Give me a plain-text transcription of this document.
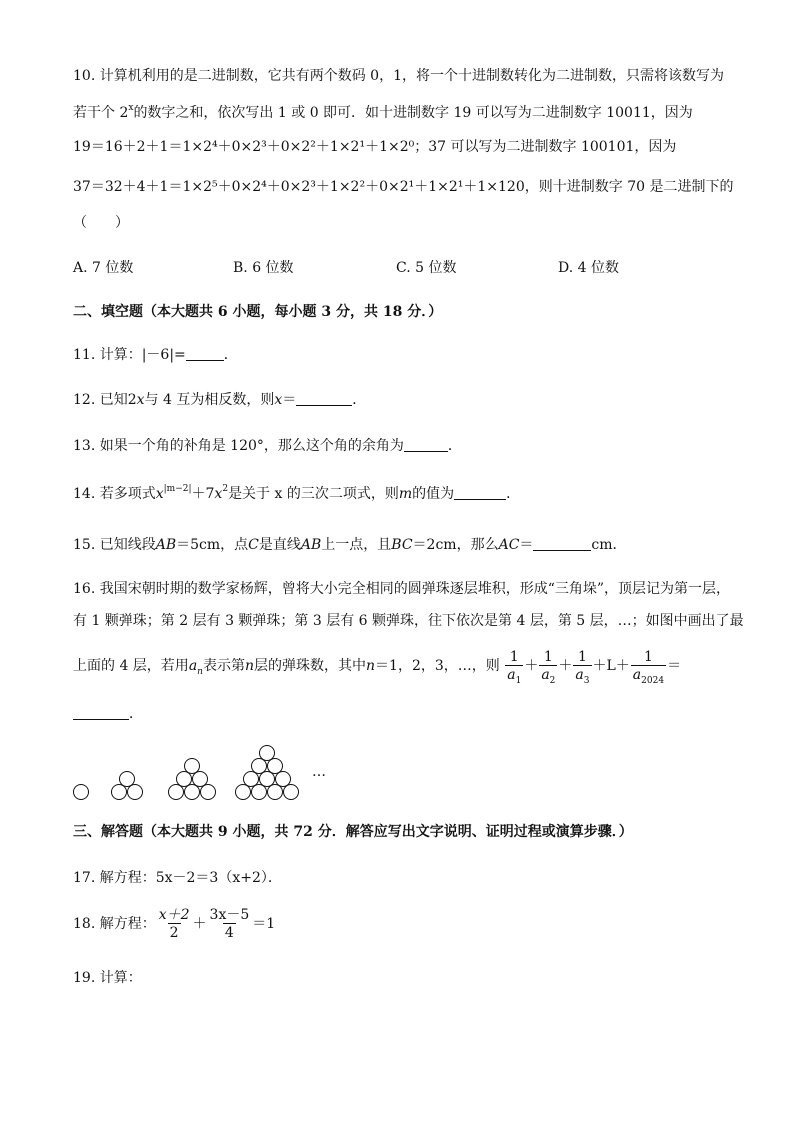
10. 计算机利用的是二进制数，它共有两个数码 0，1，将一个十进制数转化为二进制数，只需将该数写为
若干个 2$^x$的数字之和，依次写出 1 或 0 即可．如十进制数字 19 可以写为二进制数字 10011，因为
19＝16＋2＋1＝1×2⁴＋0×2³＋0×2²＋1×2¹＋1×2⁰；37 可以写为二进制数字 100101，因为
37＝32＋4＋1＝1×2⁵＋0×2⁴＋0×2³＋1×2²＋0×2¹＋1×2¹＋1×120，则十进制数字 70 是二进制下的
（　　）
A. 7 位数	B. 6 位数	C. 5 位数	D. 4 位数
二、填空题（本大题共 6 小题，每小题 3 分，共 18 分．）
11. 计算：|－6|=	．
12. 已知2x与 4 互为相反数，则x＝	．
13. 如果一个角的补角是 120°，那么这个角的余角为	．
14. 若多项式$x^{|m-2|}+7x^2$是关于 x 的三次二项式，则m的值为	．
15. 已知线段AB＝5cm，点C是直线AB上一点，且BC＝2cm，那么AC＝	cm．
16. 我国宋朝时期的数学家杨辉，曾将大小完全相同的圆弹珠逐层堆积，形成“三角垛”，顶层记为第一层，
有 1 颗弹珠；第 2 层有 3 颗弹珠；第 3 层有 6 颗弹珠，往下依次是第 4 层，第 5 层，…；如图中画出了最
上面的 4 层，若用$a_n$表示第n层的弹珠数，其中n＝1，2，3，…，则 $\frac{1}{a_1} + \frac{1}{a_2} + \frac{1}{a_3} +L+ \frac{1}{a_{2024}}$ ＝
．
…
三、解答题（本大题共 9 小题，共 72 分．解答应写出文字说明、证明过程或演算步骤．）
17. 解方程：5x－2＝3（x+2）．
18. 解方程： $\frac{x+2}{2} + \frac{3x-5}{4} =1$
19. 计算：
